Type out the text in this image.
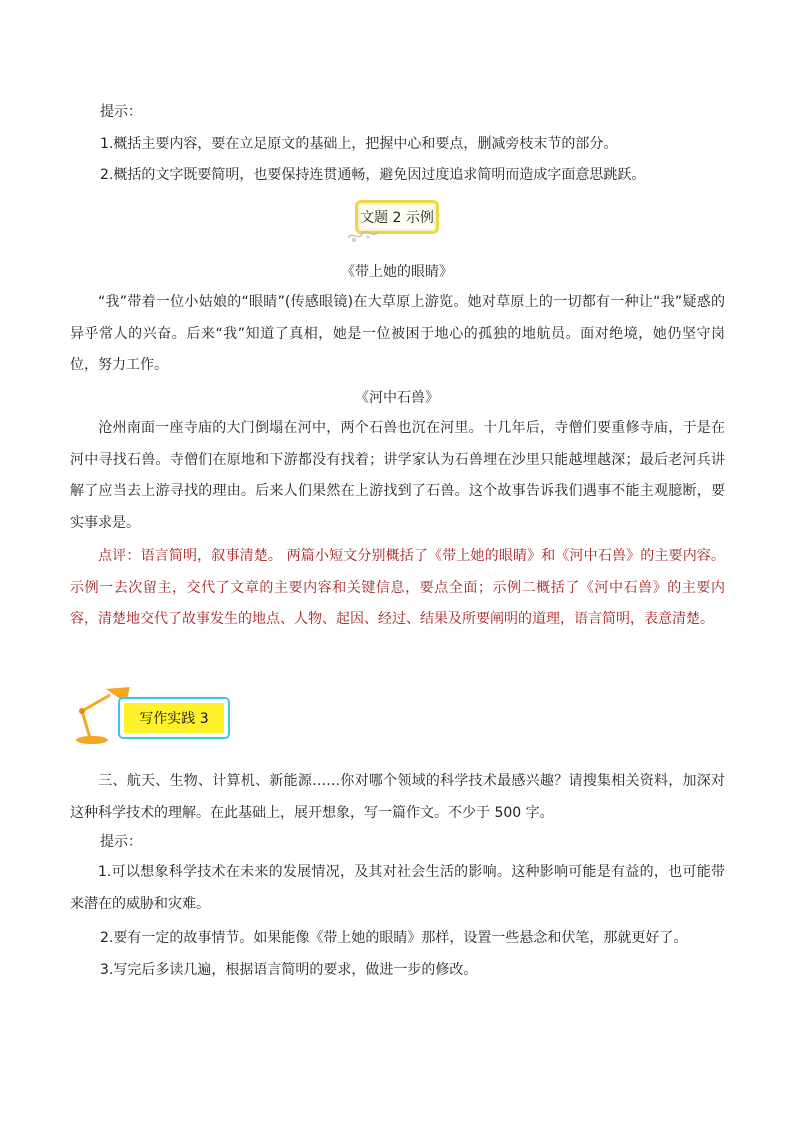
提示：
1.概括主要内容，要在立足原文的基础上，把握中心和要点，删减旁枝末节的部分。
2.概括的文字既要简明，也要保持连贯通畅，避免因过度追求简明而造成字面意思跳跃。
文题 2 示例
《带上她的眼睛》
“我”带着一位小姑娘的“眼睛”(传感眼镜)在大草原上游览。她对草原上的一切都有一种让“我”疑惑的异乎常人的兴奋。后来“我”知道了真相，她是一位被困于地心的孤独的地航员。面对绝境，她仍坚守岗位，努力工作。
《河中石兽》
沧州南面一座寺庙的大门倒塌在河中，两个石兽也沉在河里。十几年后，寺僧们要重修寺庙，于是在河中寻找石兽。寺僧们在原地和下游都没有找着；讲学家认为石兽埋在沙里只能越埋越深；最后老河兵讲解了应当去上游寻找的理由。后来人们果然在上游找到了石兽。这个故事告诉我们遇事不能主观臆断，要实事求是。
点评：语言简明，叙事清楚。 两篇小短文分别概括了《带上她的眼睛》和《河中石兽》的主要内容。示例一去次留主，交代了文章的主要内容和关键信息，要点全面；示例二概括了《河中石兽》的主要内容，清楚地交代了故事发生的地点、人物、起因、经过、结果及所要阐明的道理，语言简明，表意清楚。
写作实践 3
三、航天、生物、计算机、新能源……你对哪个领域的科学技术最感兴趣？请搜集相关资料，加深对这种科学技术的理解。在此基础上，展开想象，写一篇作文。不少于 500 字。
提示：
1.可以想象科学技术在未来的发展情况，及其对社会生活的影响。这种影响可能是有益的，也可能带来潜在的威胁和灾难。
2.要有一定的故事情节。如果能像《带上她的眼睛》那样，设置一些悬念和伏笔，那就更好了。
3.写完后多读几遍，根据语言简明的要求，做进一步的修改。
